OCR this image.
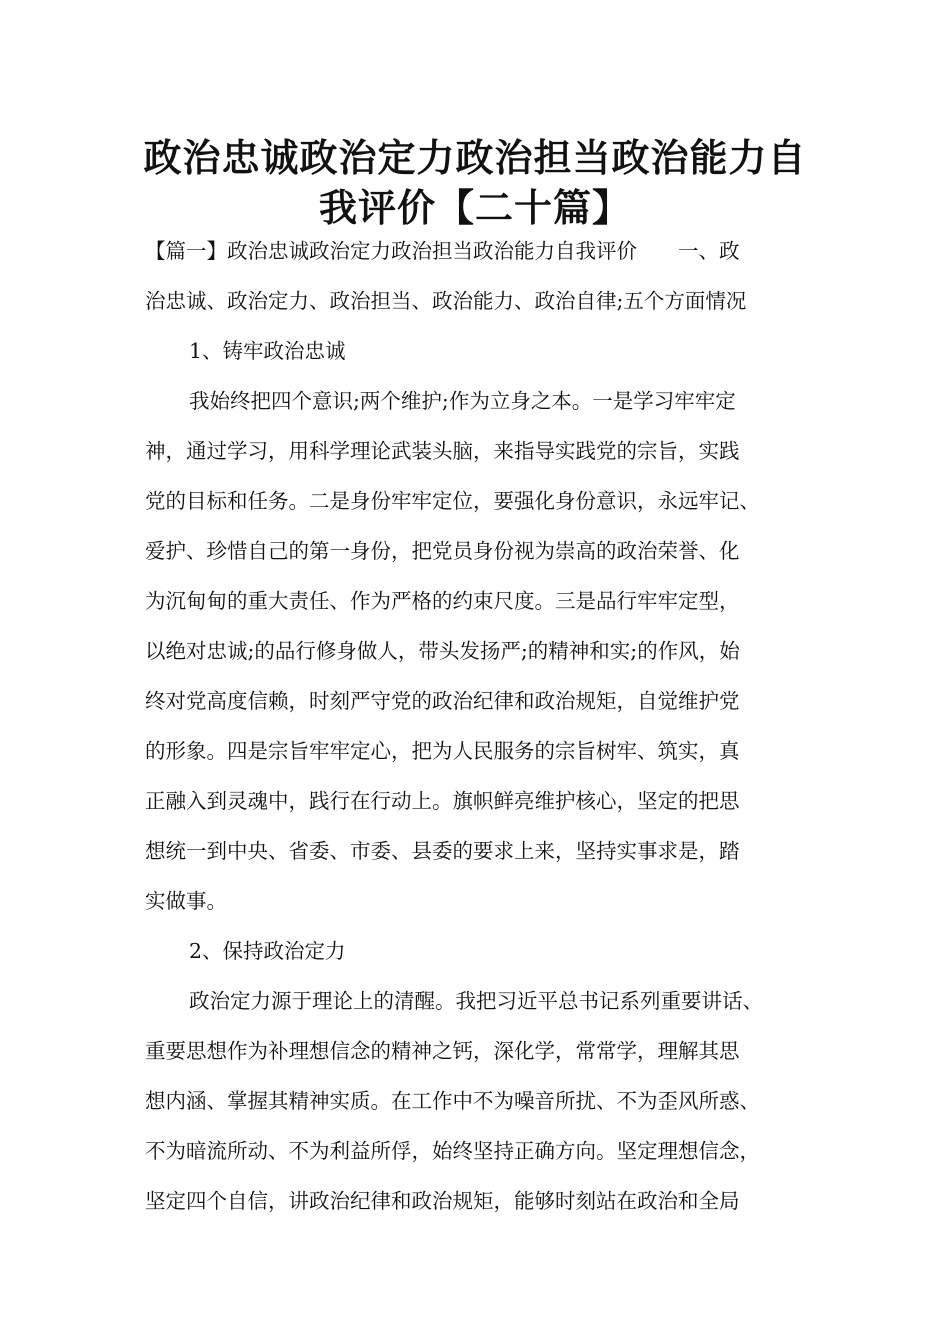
政治忠诚政治定力政治担当政治能力自
我评价【二十篇】
【篇一】政治忠诚政治定力政治担当政治能力自我评价　　一、政
治忠诚、政治定力、政治担当、政治能力、政治自律;五个方面情况
1、铸牢政治忠诚
我始终把四个意识;两个维护;作为立身之本。一是学习牢牢定
神，通过学习，用科学理论武装头脑，来指导实践党的宗旨，实践
党的目标和任务。二是身份牢牢定位，要强化身份意识，永远牢记、
爱护、珍惜自己的第一身份，把党员身份视为崇高的政治荣誉、化
为沉甸甸的重大责任、作为严格的约束尺度。三是品行牢牢定型，
以绝对忠诚;的品行修身做人，带头发扬严;的精神和实;的作风，始
终对党高度信赖，时刻严守党的政治纪律和政治规矩，自觉维护党
的形象。四是宗旨牢牢定心，把为人民服务的宗旨树牢、筑实，真
正融入到灵魂中，践行在行动上。旗帜鲜亮维护核心，坚定的把思
想统一到中央、省委、市委、县委的要求上来，坚持实事求是，踏
实做事。
2、保持政治定力
政治定力源于理论上的清醒。我把习近平总书记系列重要讲话、
重要思想作为补理想信念的精神之钙，深化学，常常学，理解其思
想内涵、掌握其精神实质。在工作中不为噪音所扰、不为歪风所惑、
不为暗流所动、不为利益所俘，始终坚持正确方向。坚定理想信念，
坚定四个自信，讲政治纪律和政治规矩，能够时刻站在政治和全局
